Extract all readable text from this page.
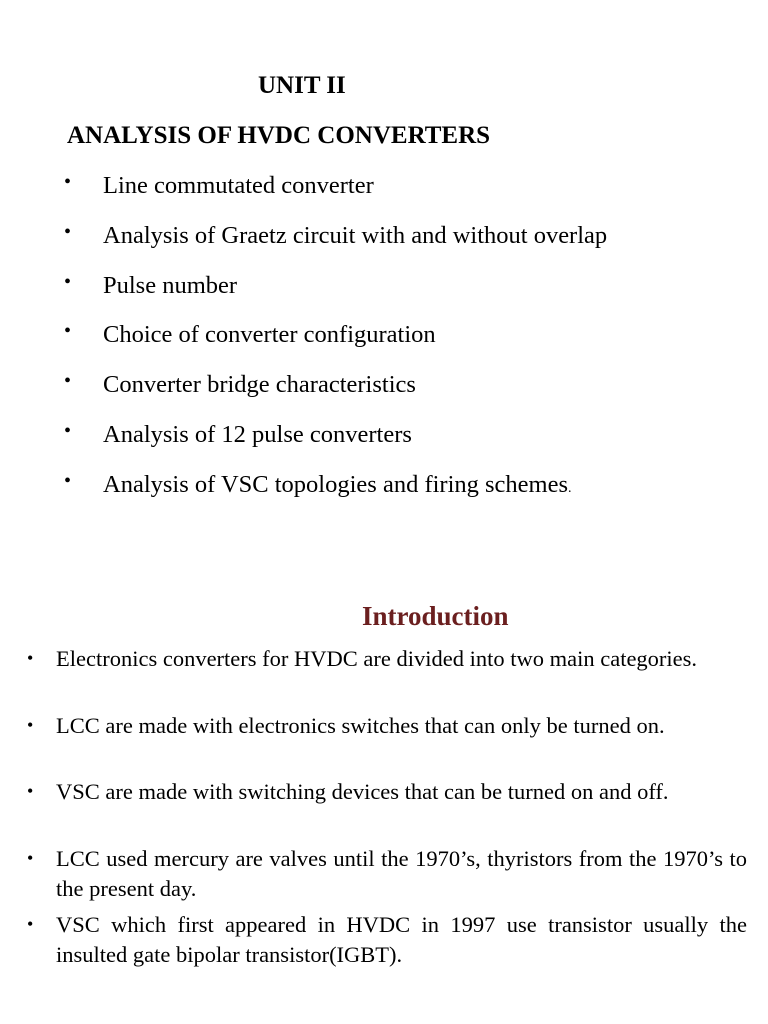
UNIT II
ANALYSIS OF HVDC CONVERTERS
• Line commutated converter
• Analysis of Graetz circuit with and without overlap
• Pulse number
• Choice of converter configuration
• Converter bridge characteristics
• Analysis of 12 pulse converters
• Analysis of VSC topologies and firing schemes.
Introduction
• Electronics converters for HVDC are divided into two main categories.
• LCC are made with electronics switches that can only be turned on.
• VSC are made with switching devices that can be turned on and off.
• LCC used mercury are valves until the 1970’s, thyristors from the 1970’s to the present day.
• VSC which first appeared in HVDC in 1997 use transistor usually the insulted gate bipolar transistor(IGBT).
